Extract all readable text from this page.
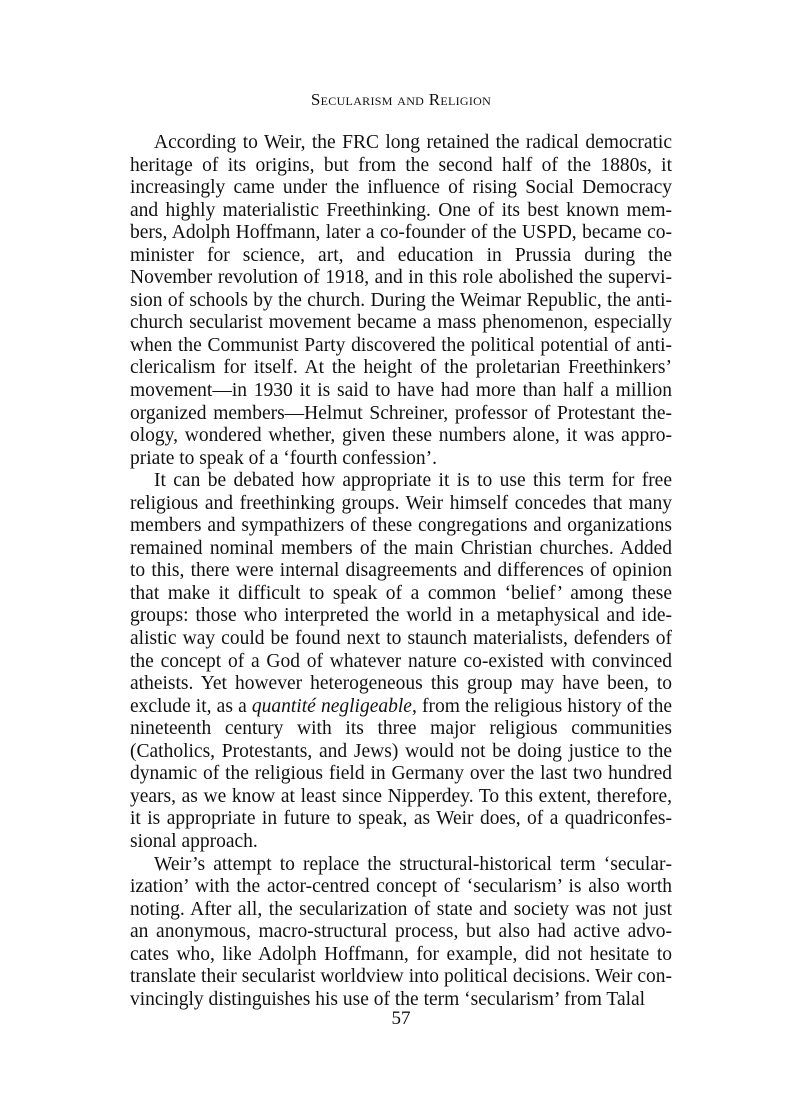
Secularism and Religion

According to Weir, the FRC long retained the radical democratic heritage of its origins, but from the second half of the 1880s, it increasingly came under the influence of rising Social Democracy and highly materialistic Freethinking. One of its best known members, Adolph Hoffmann, later a co-founder of the USPD, became co-minister for science, art, and education in Prussia during the November revolution of 1918, and in this role abolished the supervision of schools by the church. During the Weimar Republic, the anti-church secularist movement became a mass phenomenon, especially when the Communist Party discovered the political potential of anti-clericalism for itself. At the height of the proletarian Freethinkers’ movement—in 1930 it is said to have had more than half a million organized members—Helmut Schreiner, professor of Protestant theology, wondered whether, given these numbers alone, it was appropriate to speak of a ‘fourth confession’.

It can be debated how appropriate it is to use this term for free religious and freethinking groups. Weir himself concedes that many members and sympathizers of these congregations and organizations remained nominal members of the main Christian churches. Added to this, there were internal disagreements and differences of opinion that make it difficult to speak of a common ‘belief’ among these groups: those who interpreted the world in a metaphysical and idealistic way could be found next to staunch materialists, defenders of the concept of a God of whatever nature co-existed with convinced atheists. Yet however heterogeneous this group may have been, to exclude it, as a quantité negligeable, from the religious history of the nineteenth century with its three major religious communities (Catholics, Protestants, and Jews) would not be doing justice to the dynamic of the religious field in Germany over the last two hundred years, as we know at least since Nipperdey. To this extent, therefore, it is appropriate in future to speak, as Weir does, of a quadriconfessional approach.

Weir’s attempt to replace the structural-historical term ‘secularization’ with the actor-centred concept of ‘secularism’ is also worth noting. After all, the secularization of state and society was not just an anonymous, macro-structural process, but also had active advocates who, like Adolph Hoffmann, for example, did not hesitate to translate their secularist worldview into political decisions. Weir convincingly distinguishes his use of the term ‘secularism’ from Talal

57
